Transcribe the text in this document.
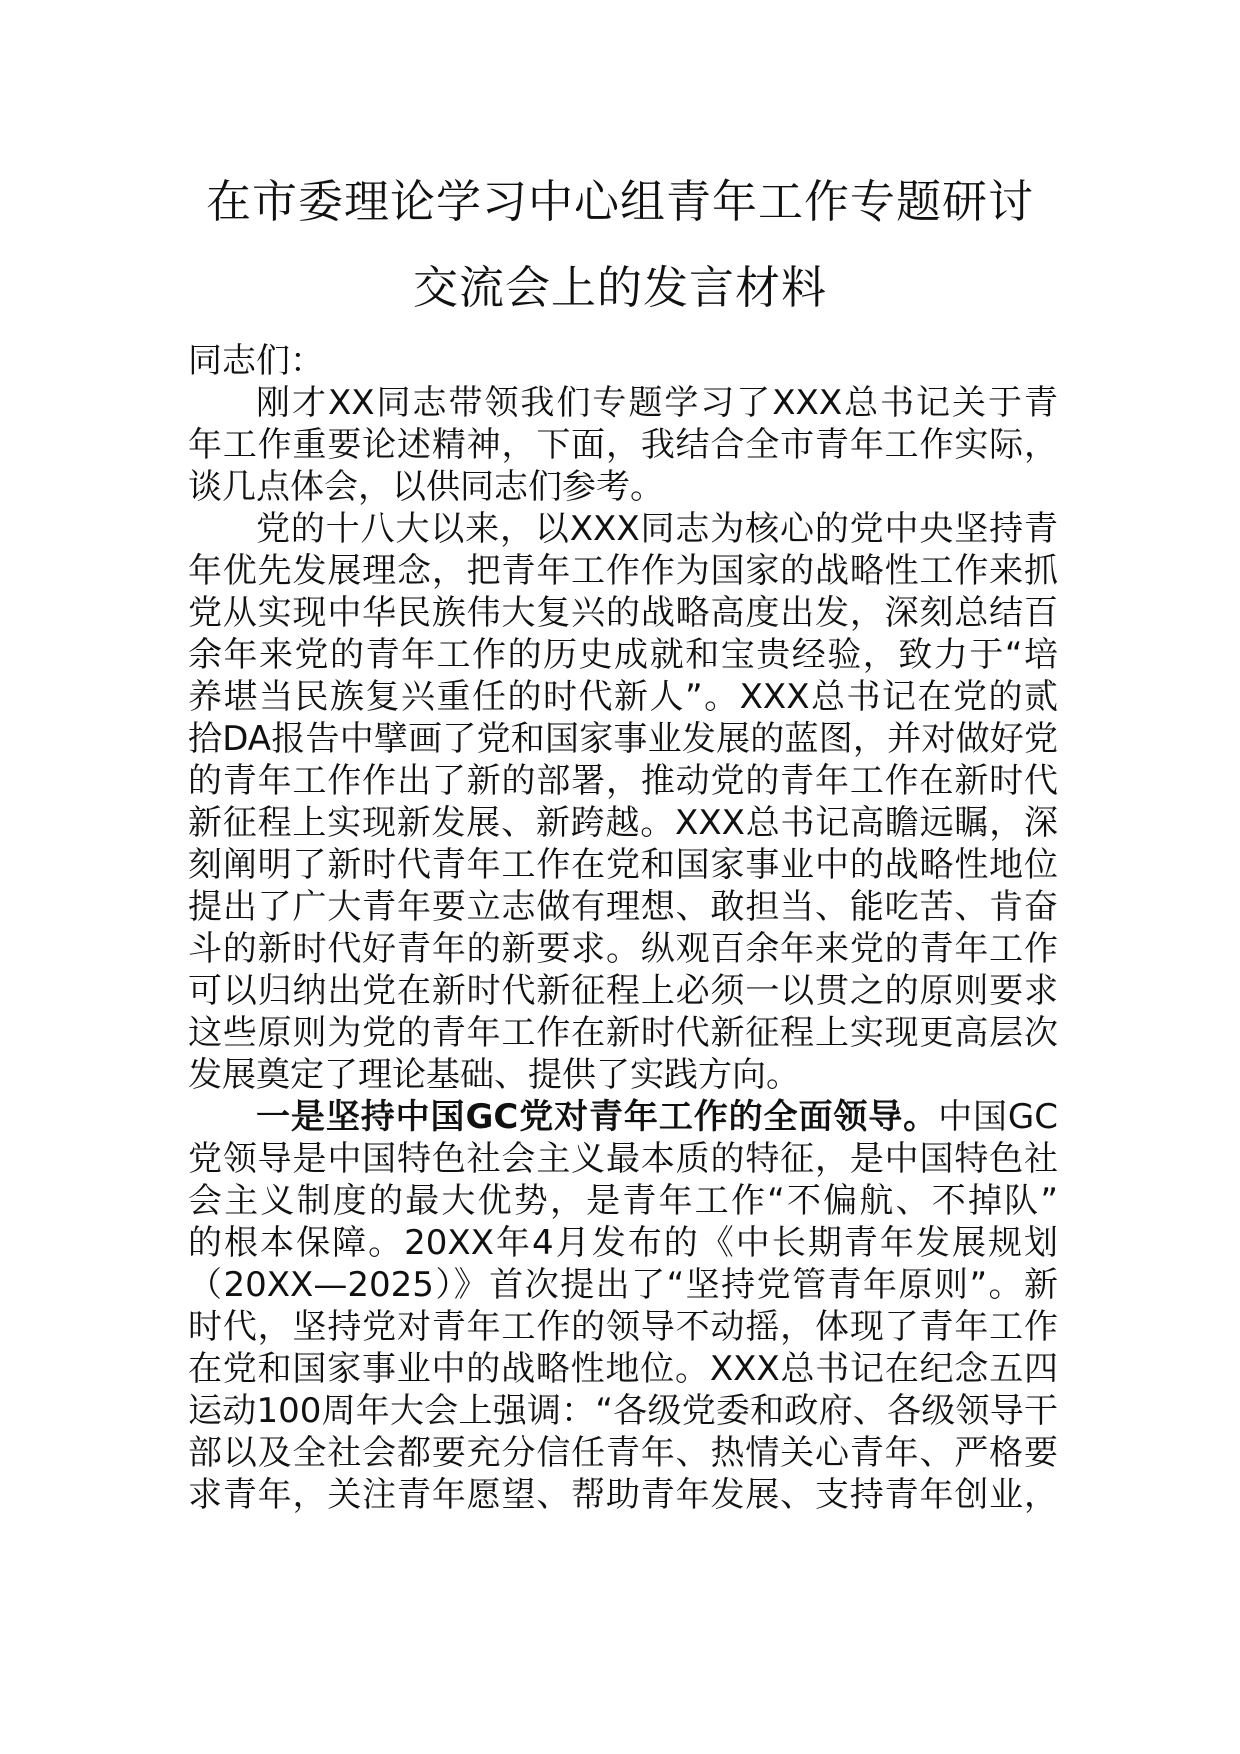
在市委理论学习中心组青年工作专题研讨
交流会上的发言材料
同志们：
刚才XX同志带领我们专题学习了XXX总书记关于青
年工作重要论述精神，下面，我结合全市青年工作实际，
谈几点体会，以供同志们参考。
党的十八大以来，以XXX同志为核心的党中央坚持青
年优先发展理念，把青年工作作为国家的战略性工作来抓
党从实现中华民族伟大复兴的战略高度出发，深刻总结百
余年来党的青年工作的历史成就和宝贵经验，致力于“培
养堪当民族复兴重任的时代新人”。XXX总书记在党的贰
拾DA报告中擘画了党和国家事业发展的蓝图，并对做好党
的青年工作作出了新的部署，推动党的青年工作在新时代
新征程上实现新发展、新跨越。XXX总书记高瞻远瞩，深
刻阐明了新时代青年工作在党和国家事业中的战略性地位
提出了广大青年要立志做有理想、敢担当、能吃苦、肯奋
斗的新时代好青年的新要求。纵观百余年来党的青年工作
可以归纳出党在新时代新征程上必须一以贯之的原则要求
这些原则为党的青年工作在新时代新征程上实现更高层次
发展奠定了理论基础、提供了实践方向。
一是坚持中国GC党对青年工作的全面领导。中国GC
党领导是中国特色社会主义最本质的特征，是中国特色社
会主义制度的最大优势，是青年工作“不偏航、不掉队”
的根本保障。20XX年4月发布的《中长期青年发展规划
（20XX—2025）》首次提出了“坚持党管青年原则”。新
时代，坚持党对青年工作的领导不动摇，体现了青年工作
在党和国家事业中的战略性地位。XXX总书记在纪念五四
运动100周年大会上强调：“各级党委和政府、各级领导干
部以及全社会都要充分信任青年、热情关心青年、严格要
求青年，关注青年愿望、帮助青年发展、支持青年创业，
